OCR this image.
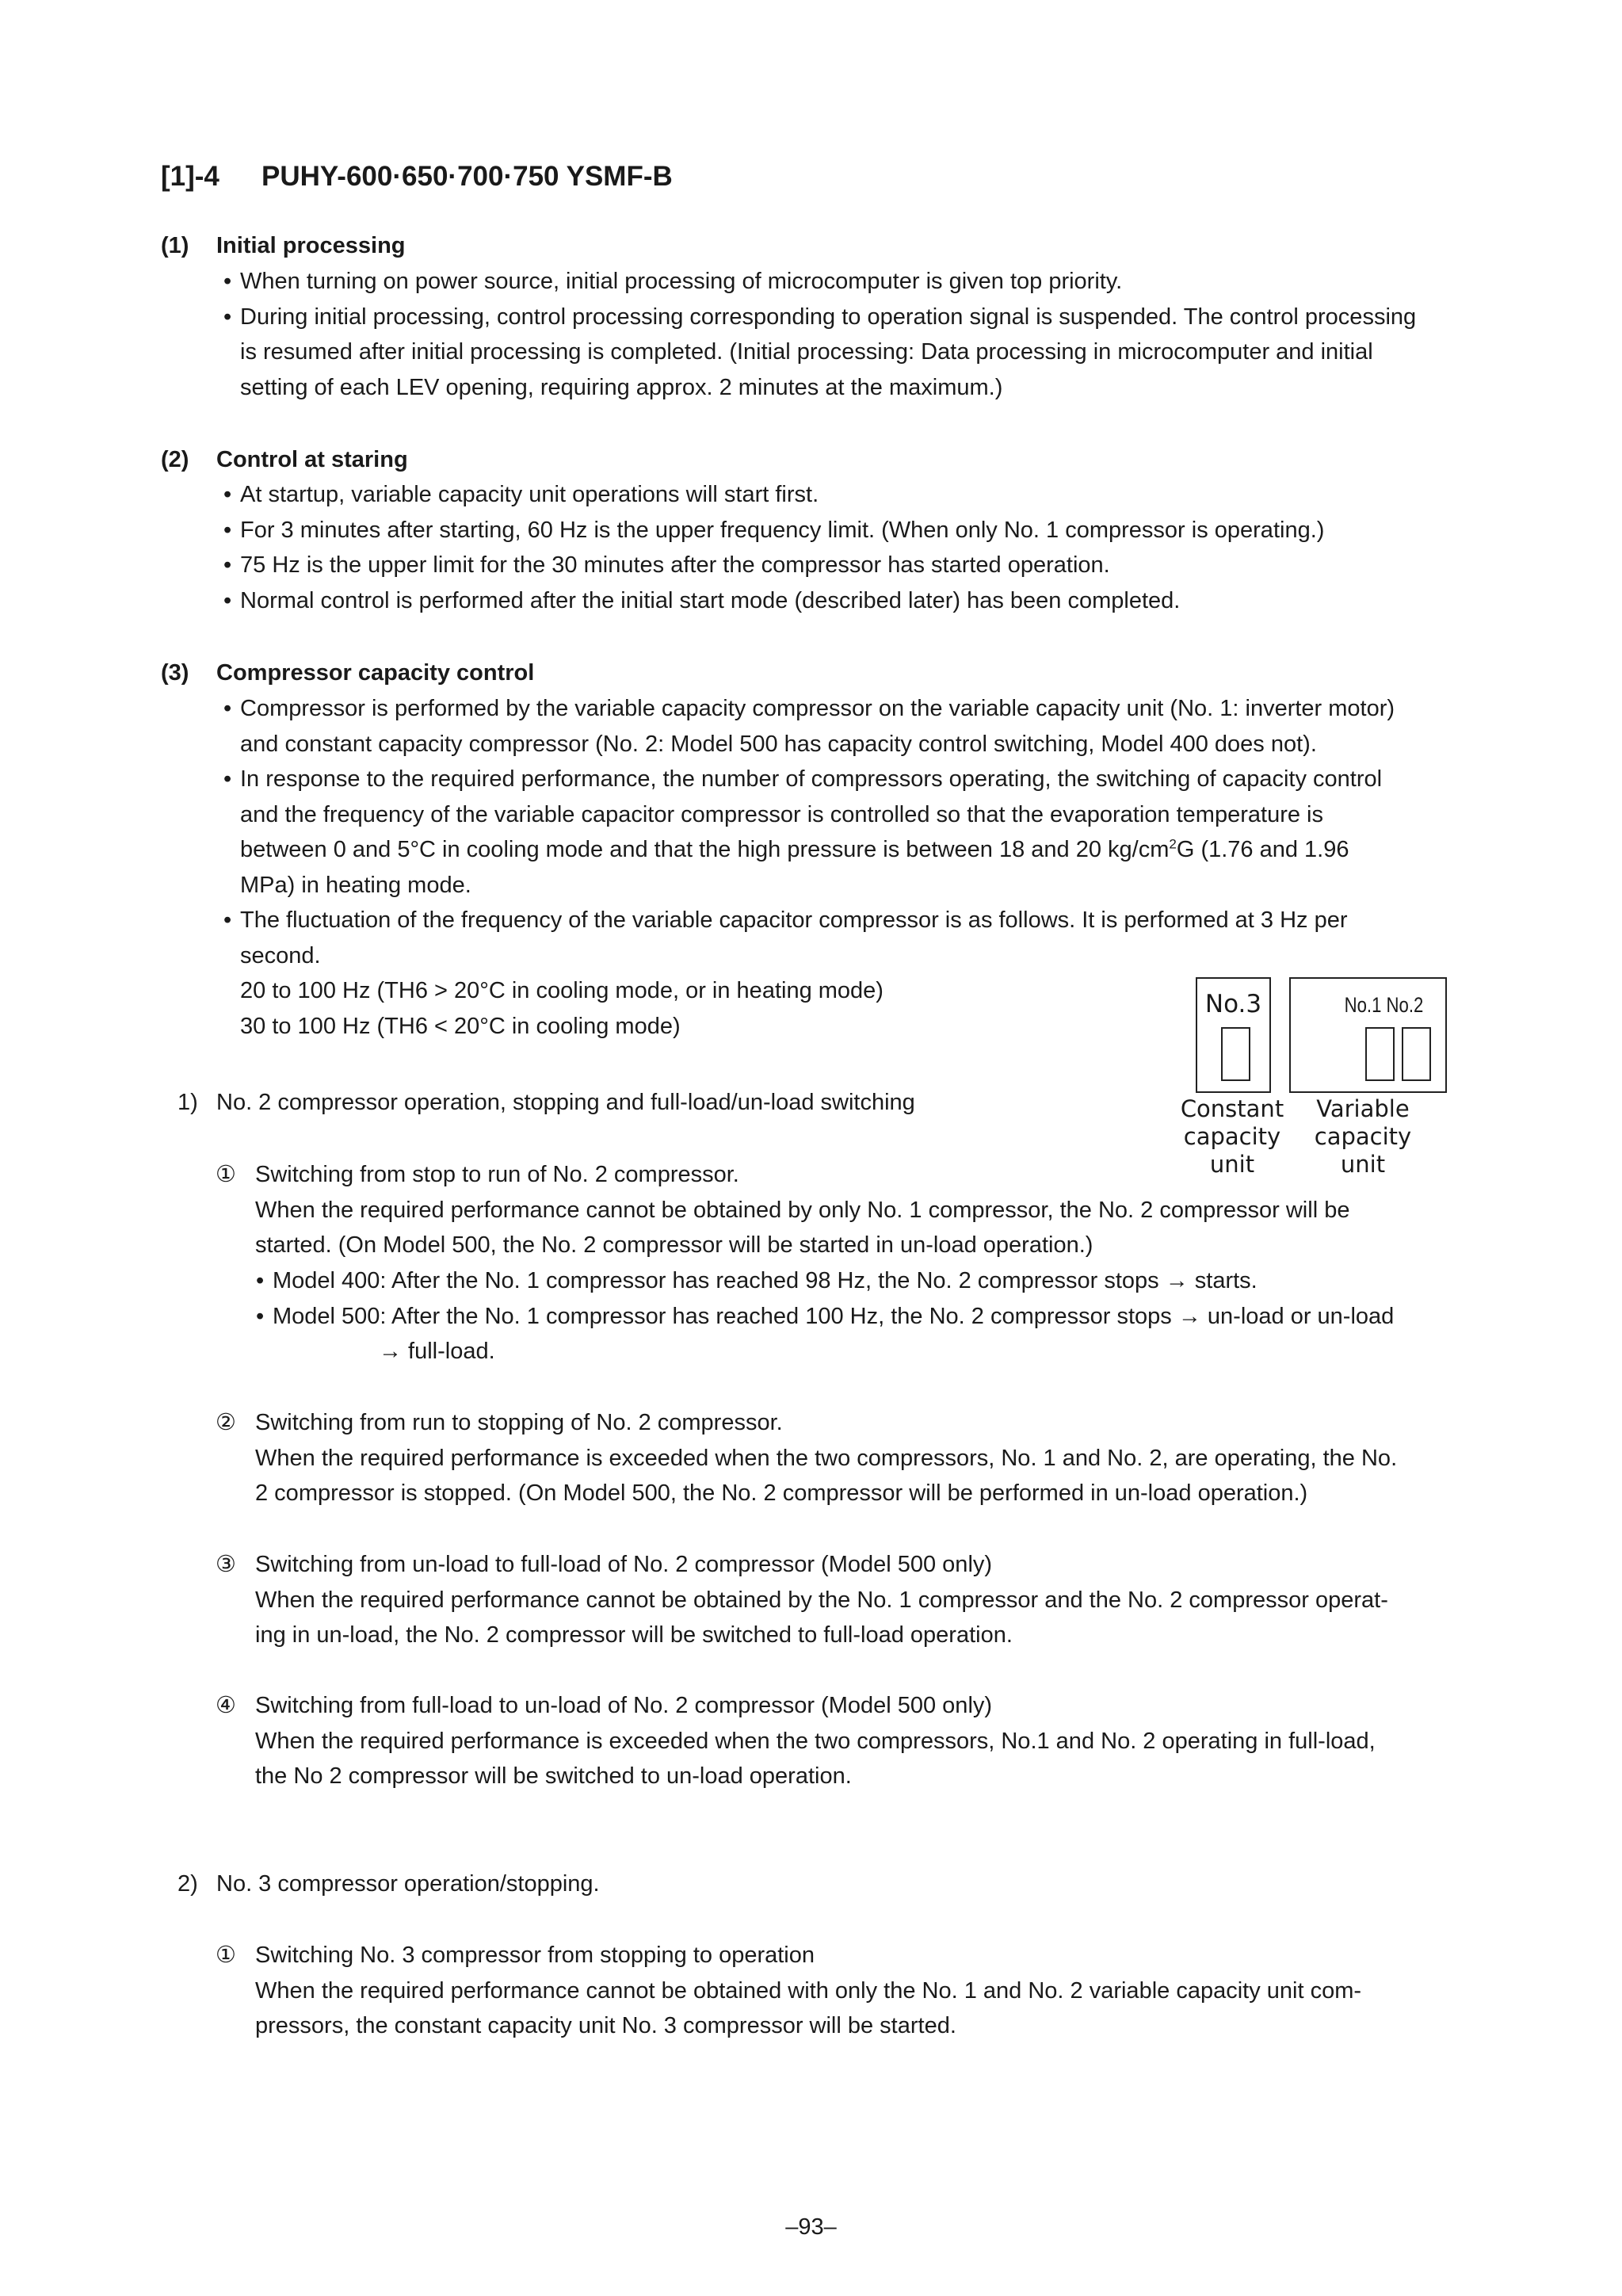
[1]-4 PUHY-600·650·700·750 YSMF-B
(1) Initial processing
• When turning on power source, initial processing of microcomputer is given top priority.
• During initial processing, control processing corresponding to operation signal is suspended. The control processing
is resumed after initial processing is completed. (Initial processing: Data processing in microcomputer and initial
setting of each LEV opening, requiring approx. 2 minutes at the maximum.)
(2) Control at staring
• At startup, variable capacity unit operations will start first.
• For 3 minutes after starting, 60 Hz is the upper frequency limit. (When only No. 1 compressor is operating.)
• 75 Hz is the upper limit for the 30 minutes after the compressor has started operation.
• Normal control is performed after the initial start mode (described later) has been completed.
(3) Compressor capacity control
• Compressor is performed by the variable capacity compressor on the variable capacity unit (No. 1: inverter motor)
and constant capacity compressor (No. 2: Model 500 has capacity control switching, Model 400 does not).
• In response to the required performance, the number of compressors operating, the switching of capacity control
and the frequency of the variable capacitor compressor is controlled so that the evaporation temperature is
between 0 and 5°C in cooling mode and that the high pressure is between 18 and 20 $kg/cm^2G$ (1.76 and 1.96
MPa) in heating mode.
• The fluctuation of the frequency of the variable capacitor compressor is as follows. It is performed at 3 Hz per
second.
20 to 100 Hz (TH6 > 20°C in cooling mode, or in heating mode)
30 to 100 Hz (TH6 < 20°C in cooling mode)
No.3	No.1 No.2
Constant
capacity
unit
Variable
capacity
unit
1) No. 2 compressor operation, stopping and full-load/un-load switching
① Switching from stop to run of No. 2 compressor.
When the required performance cannot be obtained by only No. 1 compressor, the No. 2 compressor will be
started. (On Model 500, the No. 2 compressor will be started in un-load operation.)
• Model 400: After the No. 1 compressor has reached 98 Hz, the No. 2 compressor stops → starts.
• Model 500: After the No. 1 compressor has reached 100 Hz, the No. 2 compressor stops → un-load or un-load
→ full-load.
② Switching from run to stopping of No. 2 compressor.
When the required performance is exceeded when the two compressors, No. 1 and No. 2, are operating, the No.
2 compressor is stopped. (On Model 500, the No. 2 compressor will be performed in un-load operation.)
③ Switching from un-load to full-load of No. 2 compressor (Model 500 only)
When the required performance cannot be obtained by the No. 1 compressor and the No. 2 compressor operat-
ing in un-load, the No. 2 compressor will be switched to full-load operation.
④ Switching from full-load to un-load of No. 2 compressor (Model 500 only)
When the required performance is exceeded when the two compressors, No.1 and No. 2 operating in full-load,
the No 2 compressor will be switched to un-load operation.
2) No. 3 compressor operation/stopping.
① Switching No. 3 compressor from stopping to operation
When the required performance cannot be obtained with only the No. 1 and No. 2 variable capacity unit com-
pressors, the constant capacity unit No. 3 compressor will be started.
–93–
